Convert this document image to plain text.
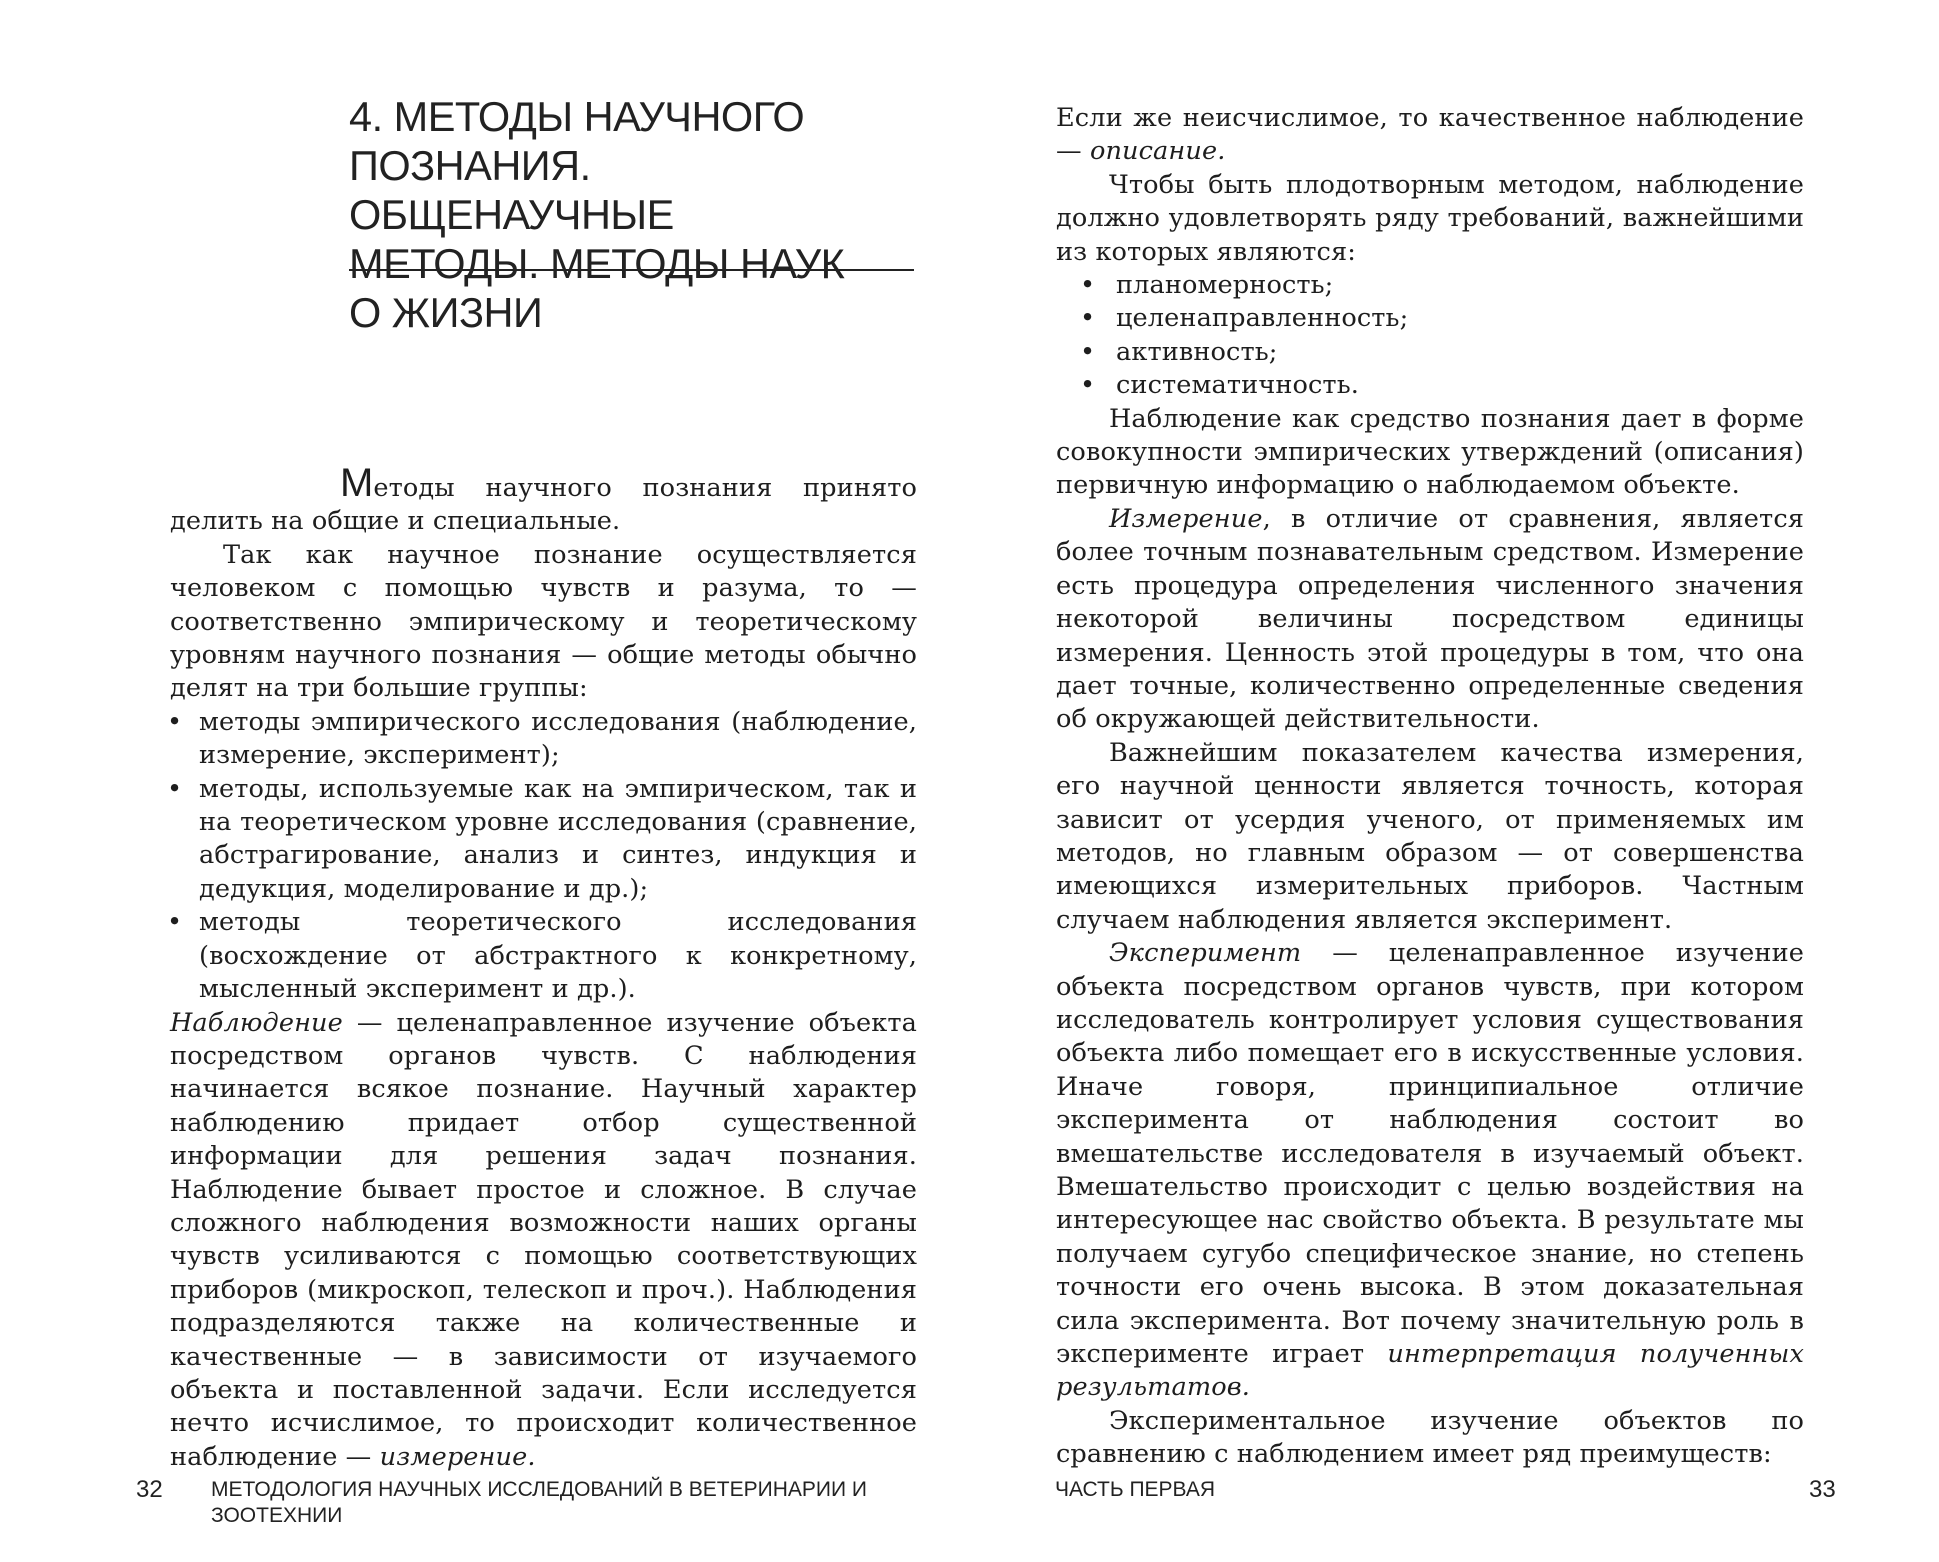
4. МЕТОДЫ НАУЧНОГО
ПОЗНАНИЯ. ОБЩЕНАУЧНЫЕ
МЕТОДЫ. МЕТОДЫ НАУК
О ЖИЗНИ

Методы научного познания принято делить на общие и специальные.

Так как научное познание осуществляется человеком с помощью чувств и разума, то — соответственно эмпирическому и теоретическому уровням научного познания — общие методы обычно делят на три большие группы:

• методы эмпирического исследования (наблюдение, измерение, эксперимент);
• методы, используемые как на эмпирическом, так и на теоретическом уровне исследования (сравнение, абстрагирование, анализ и синтез, индукция и дедукция, моделирование и др.);
• методы теоретического исследования (восхождение от абстрактного к конкретному, мысленный эксперимент и др.).

Наблюдение — целенаправленное изучение объекта посредством органов чувств. С наблюдения начинается всякое познание. Научный характер наблюдению придает отбор существенной информации для решения задач познания. Наблюдение бывает простое и сложное. В случае сложного наблюдения возможности наших органы чувств усиливаются с помощью соответствующих приборов (микроскоп, телескоп и проч.). Наблюдения подразделяются также на количественные и качественные — в зависимости от изучаемого объекта и поставленной задачи. Если исследуется нечто исчислимое, то происходит количественное наблюдение — измерение.

32 МЕТОДОЛОГИЯ НАУЧНЫХ ИССЛЕДОВАНИЙ В ВЕТЕРИНАРИИ И ЗООТЕХНИИ

Если же неисчислимое, то качественное наблюдение — описание.

Чтобы быть плодотворным методом, наблюдение должно удовлетворять ряду требований, важнейшими из которых являются:

• планомерность;
• целенаправленность;
• активность;
• систематичность.

Наблюдение как средство познания дает в форме совокупности эмпирических утверждений (описания) первичную информацию о наблюдаемом объекте.

Измерение, в отличие от сравнения, является более точным познавательным средством. Измерение есть процедура определения численного значения некоторой величины посредством единицы измерения. Ценность этой процедуры в том, что она дает точные, количественно определенные сведения об окружающей действительности.

Важнейшим показателем качества измерения, его научной ценности является точность, которая зависит от усердия ученого, от применяемых им методов, но главным образом — от совершенства имеющихся измерительных приборов. Частным случаем наблюдения является эксперимент.

Эксперимент — целенаправленное изучение объекта посредством органов чувств, при котором исследователь контролирует условия существования объекта либо помещает его в искусственные условия. Иначе говоря, принципиальное отличие эксперимента от наблюдения состоит во вмешательстве исследователя в изучаемый объект. Вмешательство происходит с целью воздействия на интересующее нас свойство объекта. В результате мы получаем сугубо специфическое знание, но степень точности его очень высока. В этом доказательная сила эксперимента. Вот почему значительную роль в эксперименте играет интерпретация полученных результатов.

Экспериментальное изучение объектов по сравнению с наблюдением имеет ряд преимуществ:

ЧАСТЬ ПЕРВАЯ	33
